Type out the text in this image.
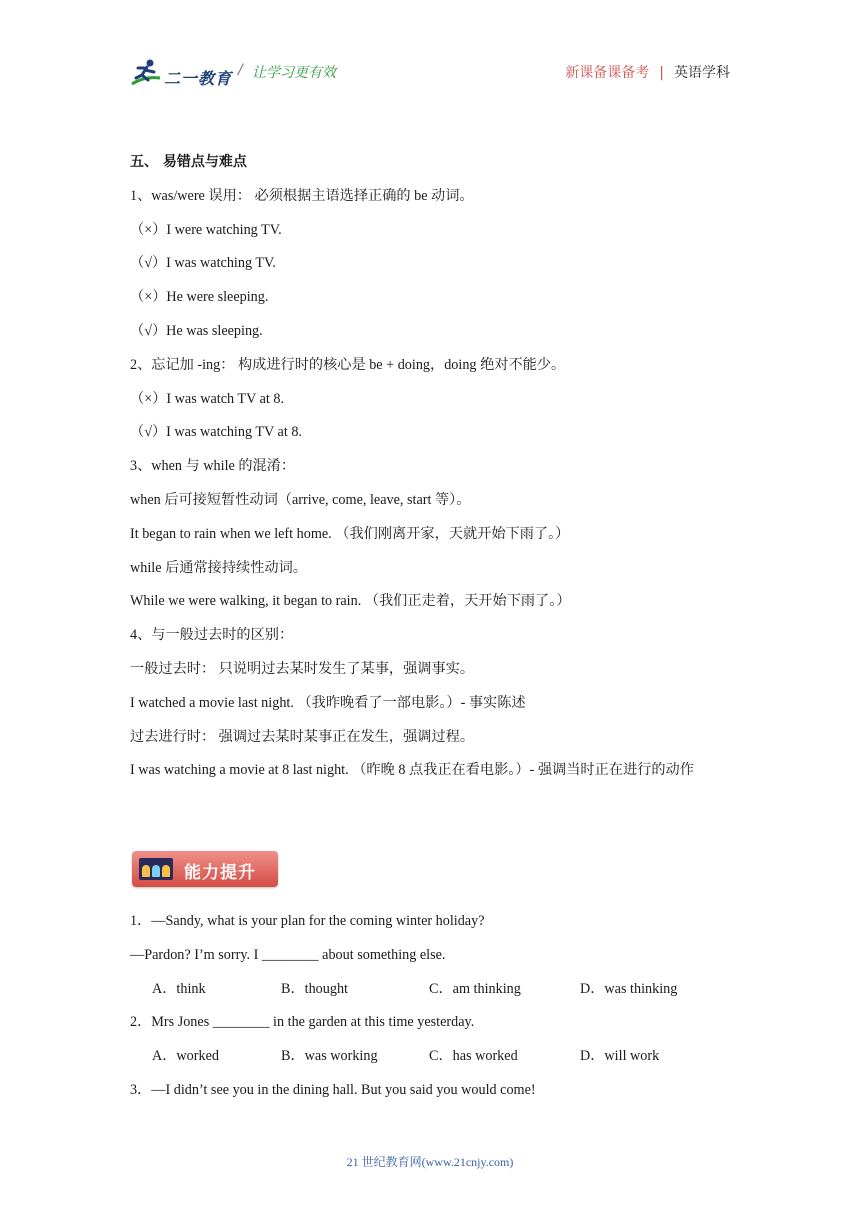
二一教育 / 让学习更有效	新课备课备考 | 英语学科
五、 易错点与难点
1、was/were 误用： 必须根据主语选择正确的 be 动词。
（×）I were watching TV.
（√）I was watching TV.
（×）He were sleeping.
（√）He was sleeping.
2、忘记加 -ing： 构成进行时的核心是 be + doing，doing 绝对不能少。
（×）I was watch TV at 8.
（√）I was watching TV at 8.
3、when 与 while 的混淆：
when 后可接短暂性动词（arrive, come, leave, start 等）。
It began to rain when we left home. （我们刚离开家，天就开始下雨了。）
while 后通常接持续性动词。
While we were walking, it began to rain. （我们正走着，天开始下雨了。）
4、与一般过去时的区别：
一般过去时： 只说明过去某时发生了某事，强调事实。
I watched a movie last night. （我昨晚看了一部电影。）- 事实陈述
过去进行时： 强调过去某时某事正在发生，强调过程。
I was watching a movie at 8 last night. （昨晚 8 点我正在看电影。）- 强调当时正在进行的动作
能力提升
1．—Sandy, what is your plan for the coming winter holiday?
—Pardon? I’m sorry. I ________ about something else.
A．think	B．thought	C．am thinking	D．was thinking
2．Mrs Jones ________ in the garden at this time yesterday.
A．worked	B．was working	C．has worked	D．will work
3．—I didn’t see you in the dining hall. But you said you would come!
21 世纪教育网(www.21cnjy.com)
